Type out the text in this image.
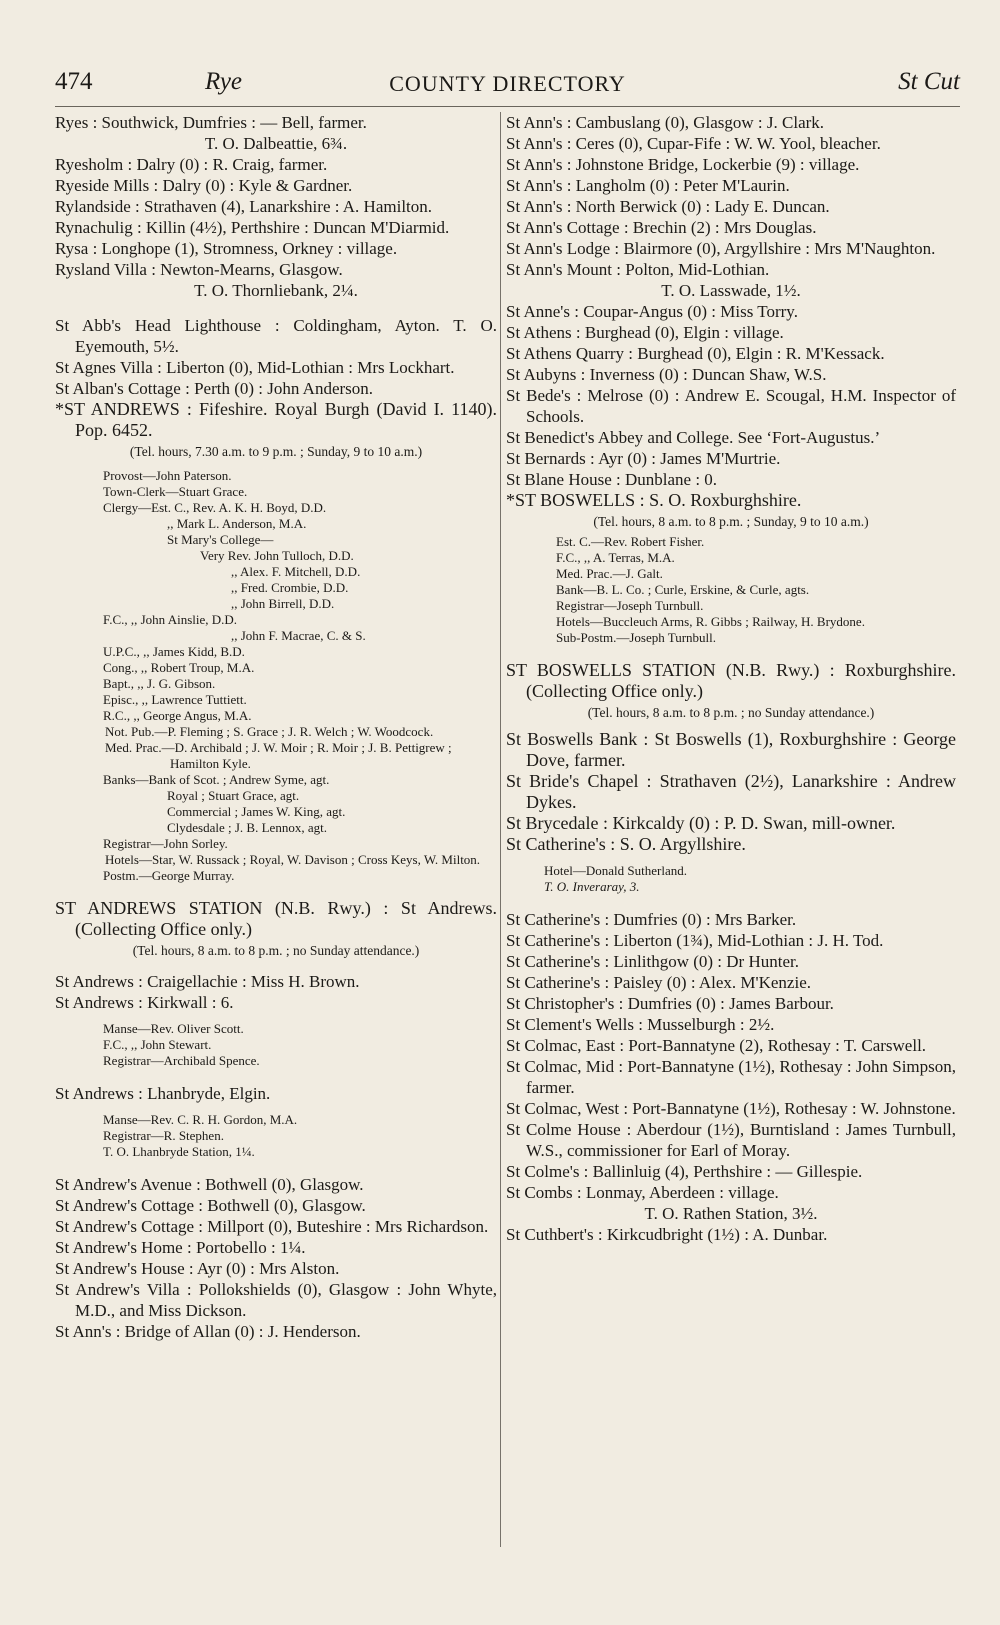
474	COUNTY DIRECTORY
Rye	St Cut

Ryes : Southwick, Dumfries : — Bell, farmer.

T. O. Dalbeattie, 6¾.

Ryesholm : Dalry (0) : R. Craig, farmer.

Ryeside Mills : Dalry (0) : Kyle & Gardner.

Rylandside : Strathaven (4), Lanarkshire : A. Hamilton.

Rynachulig : Killin (4½), Perthshire : Duncan M'Diarmid.

Rysa : Longhope (1), Stromness, Orkney : village.

Rysland Villa : Newton-Mearns, Glasgow.

T. O. Thornliebank, 2¼.

St Abb's Head Lighthouse : Coldingham, Ayton. T. O. Eyemouth, 5½.

St Agnes Villa : Liberton (0), Mid-Lothian : Mrs Lockhart.

St Alban's Cottage : Perth (0) : John Anderson.

*ST ANDREWS : Fifeshire. Royal Burgh (David I. 1140). Pop. 6452.

(Tel. hours, 7.30 a.m. to 9 p.m. ; Sunday, 9 to 10 a.m.)

Provost—John Paterson.

Town-Clerk—Stuart Grace.

Clergy—Est. C., Rev. A. K. H. Boyd, D.D.

,, Mark L. Anderson, M.A.

St Mary's College—

Very Rev. John Tulloch, D.D.

,, Alex. F. Mitchell, D.D.

,, Fred. Crombie, D.D.

,, John Birrell, D.D.

F.C., ,, John Ainslie, D.D.

,, John F. Macrae, C. & S.

U.P.C., ,, James Kidd, B.D.

Cong., ,, Robert Troup, M.A.

Bapt., ,, J. G. Gibson.

Episc., ,, Lawrence Tuttiett.

R.C., ,, George Angus, M.A.

Not. Pub.—P. Fleming ; S. Grace ; J. R. Welch ; W. Woodcock.

Med. Prac.—D. Archibald ; J. W. Moir ; R. Moir ; J. B. Pettigrew ; Hamilton Kyle.

Banks—Bank of Scot. ; Andrew Syme, agt.

Royal ; Stuart Grace, agt.

Commercial ; James W. King, agt.

Clydesdale ; J. B. Lennox, agt.

Registrar—John Sorley.

Hotels—Star, W. Russack ; Royal, W. Davison ; Cross Keys, W. Milton.

Postm.—George Murray.

ST ANDREWS STATION (N.B. Rwy.) : St Andrews. (Collecting Office only.)

(Tel. hours, 8 a.m. to 8 p.m. ; no Sunday attendance.)

St Andrews : Craigellachie : Miss H. Brown.

St Andrews : Kirkwall : 6.

Manse—Rev. Oliver Scott.

F.C., ,, John Stewart.

Registrar—Archibald Spence.

St Andrews : Lhanbryde, Elgin.

Manse—Rev. C. R. H. Gordon, M.A.

Registrar—R. Stephen.

T. O. Lhanbryde Station, 1¼.

St Andrew's Avenue : Bothwell (0), Glasgow.

St Andrew's Cottage : Bothwell (0), Glasgow.

St Andrew's Cottage : Millport (0), Buteshire : Mrs Richardson.

St Andrew's Home : Portobello : 1¼.

St Andrew's House : Ayr (0) : Mrs Alston.

St Andrew's Villa : Pollokshields (0), Glasgow : John Whyte, M.D., and Miss Dickson.

St Ann's : Bridge of Allan (0) : J. Henderson.

St Ann's : Cambuslang (0), Glasgow : J. Clark.

St Ann's : Ceres (0), Cupar-Fife : W. W. Yool, bleacher.

St Ann's : Johnstone Bridge, Lockerbie (9) : village.

St Ann's : Langholm (0) : Peter M'Laurin.

St Ann's : North Berwick (0) : Lady E. Duncan.

St Ann's Cottage : Brechin (2) : Mrs Douglas.

St Ann's Lodge : Blairmore (0), Argyllshire : Mrs M'Naughton.

St Ann's Mount : Polton, Mid-Lothian.

T. O. Lasswade, 1½.

St Anne's : Coupar-Angus (0) : Miss Torry.

St Athens : Burghead (0), Elgin : village.

St Athens Quarry : Burghead (0), Elgin : R. M'Kessack.

St Aubyns : Inverness (0) : Duncan Shaw, W.S.

St Bede's : Melrose (0) : Andrew E. Scougal, H.M. Inspector of Schools.

St Benedict's Abbey and College. See ‘Fort-Augustus.’

St Bernards : Ayr (0) : James M'Murtrie.

St Blane House : Dunblane : 0.

*ST BOSWELLS : S. O. Roxburghshire.

(Tel. hours, 8 a.m. to 8 p.m. ; Sunday, 9 to 10 a.m.)

Est. C.—Rev. Robert Fisher.

F.C., ,, A. Terras, M.A.

Med. Prac.—J. Galt.

Bank—B. L. Co. ; Curle, Erskine, & Curle, agts.

Registrar—Joseph Turnbull.

Hotels—Buccleuch Arms, R. Gibbs ; Railway, H. Brydone.

Sub-Postm.—Joseph Turnbull.

ST BOSWELLS STATION (N.B. Rwy.) : Roxburghshire. (Collecting Office only.)

(Tel. hours, 8 a.m. to 8 p.m. ; no Sunday attendance.)

St Boswells Bank : St Boswells (1), Roxburghshire : George Dove, farmer.

St Bride's Chapel : Strathaven (2½), Lanarkshire : Andrew Dykes.

St Brycedale : Kirkcaldy (0) : P. D. Swan, mill-owner.

St Catherine's : S. O. Argyllshire.

Hotel—Donald Sutherland.

T. O. Inveraray, 3.

St Catherine's : Dumfries (0) : Mrs Barker.

St Catherine's : Liberton (1¾), Mid-Lothian : J. H. Tod.

St Catherine's : Linlithgow (0) : Dr Hunter.

St Catherine's : Paisley (0) : Alex. M'Kenzie.

St Christopher's : Dumfries (0) : James Barbour.

St Clement's Wells : Musselburgh : 2½.

St Colmac, East : Port-Bannatyne (2), Rothesay : T. Carswell.

St Colmac, Mid : Port-Bannatyne (1½), Rothesay : John Simpson, farmer.

St Colmac, West : Port-Bannatyne (1½), Rothesay : W. Johnstone.

St Colme House : Aberdour (1½), Burntisland : James Turnbull, W.S., commissioner for Earl of Moray.

St Colme's : Ballinluig (4), Perthshire : — Gillespie.

St Combs : Lonmay, Aberdeen : village.

T. O. Rathen Station, 3½.

St Cuthbert's : Kirkcudbright (1½) : A. Dunbar.
